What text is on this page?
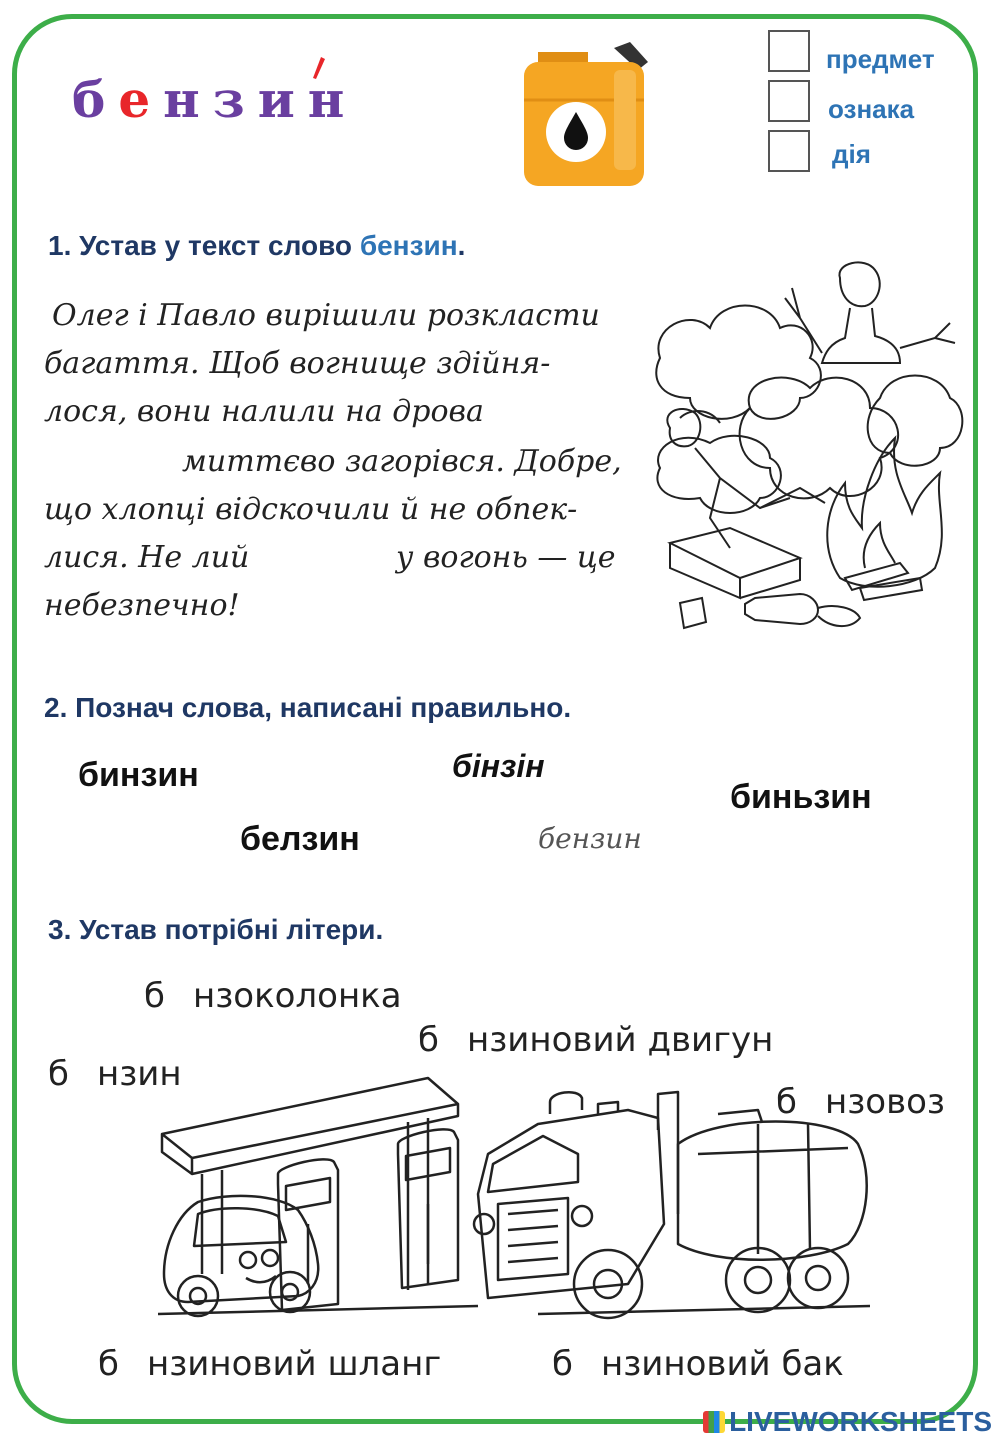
бензин
предмет
ознака
дія
1. Устав у текст слово бензин.
Олег і Павло вирішили розкласти
багаття. Щоб вогнище здійня-
лося, вони налили на дрова
миттєво загорівся. Добре,
що хлопці відскочили й не обпек-
лися. Не лий	у вогонь — це
небезпечно!
2. Познач слова, написані правильно.
бинзин	бінзін
биньзин
белзин	бензин
3. Устав потрібні літери.
б нзоколонка
б нзиновий двигун
б нзин
б нзовоз
б нзиновий шланг	б нзиновий бак
LIVEWORKSHEETS
